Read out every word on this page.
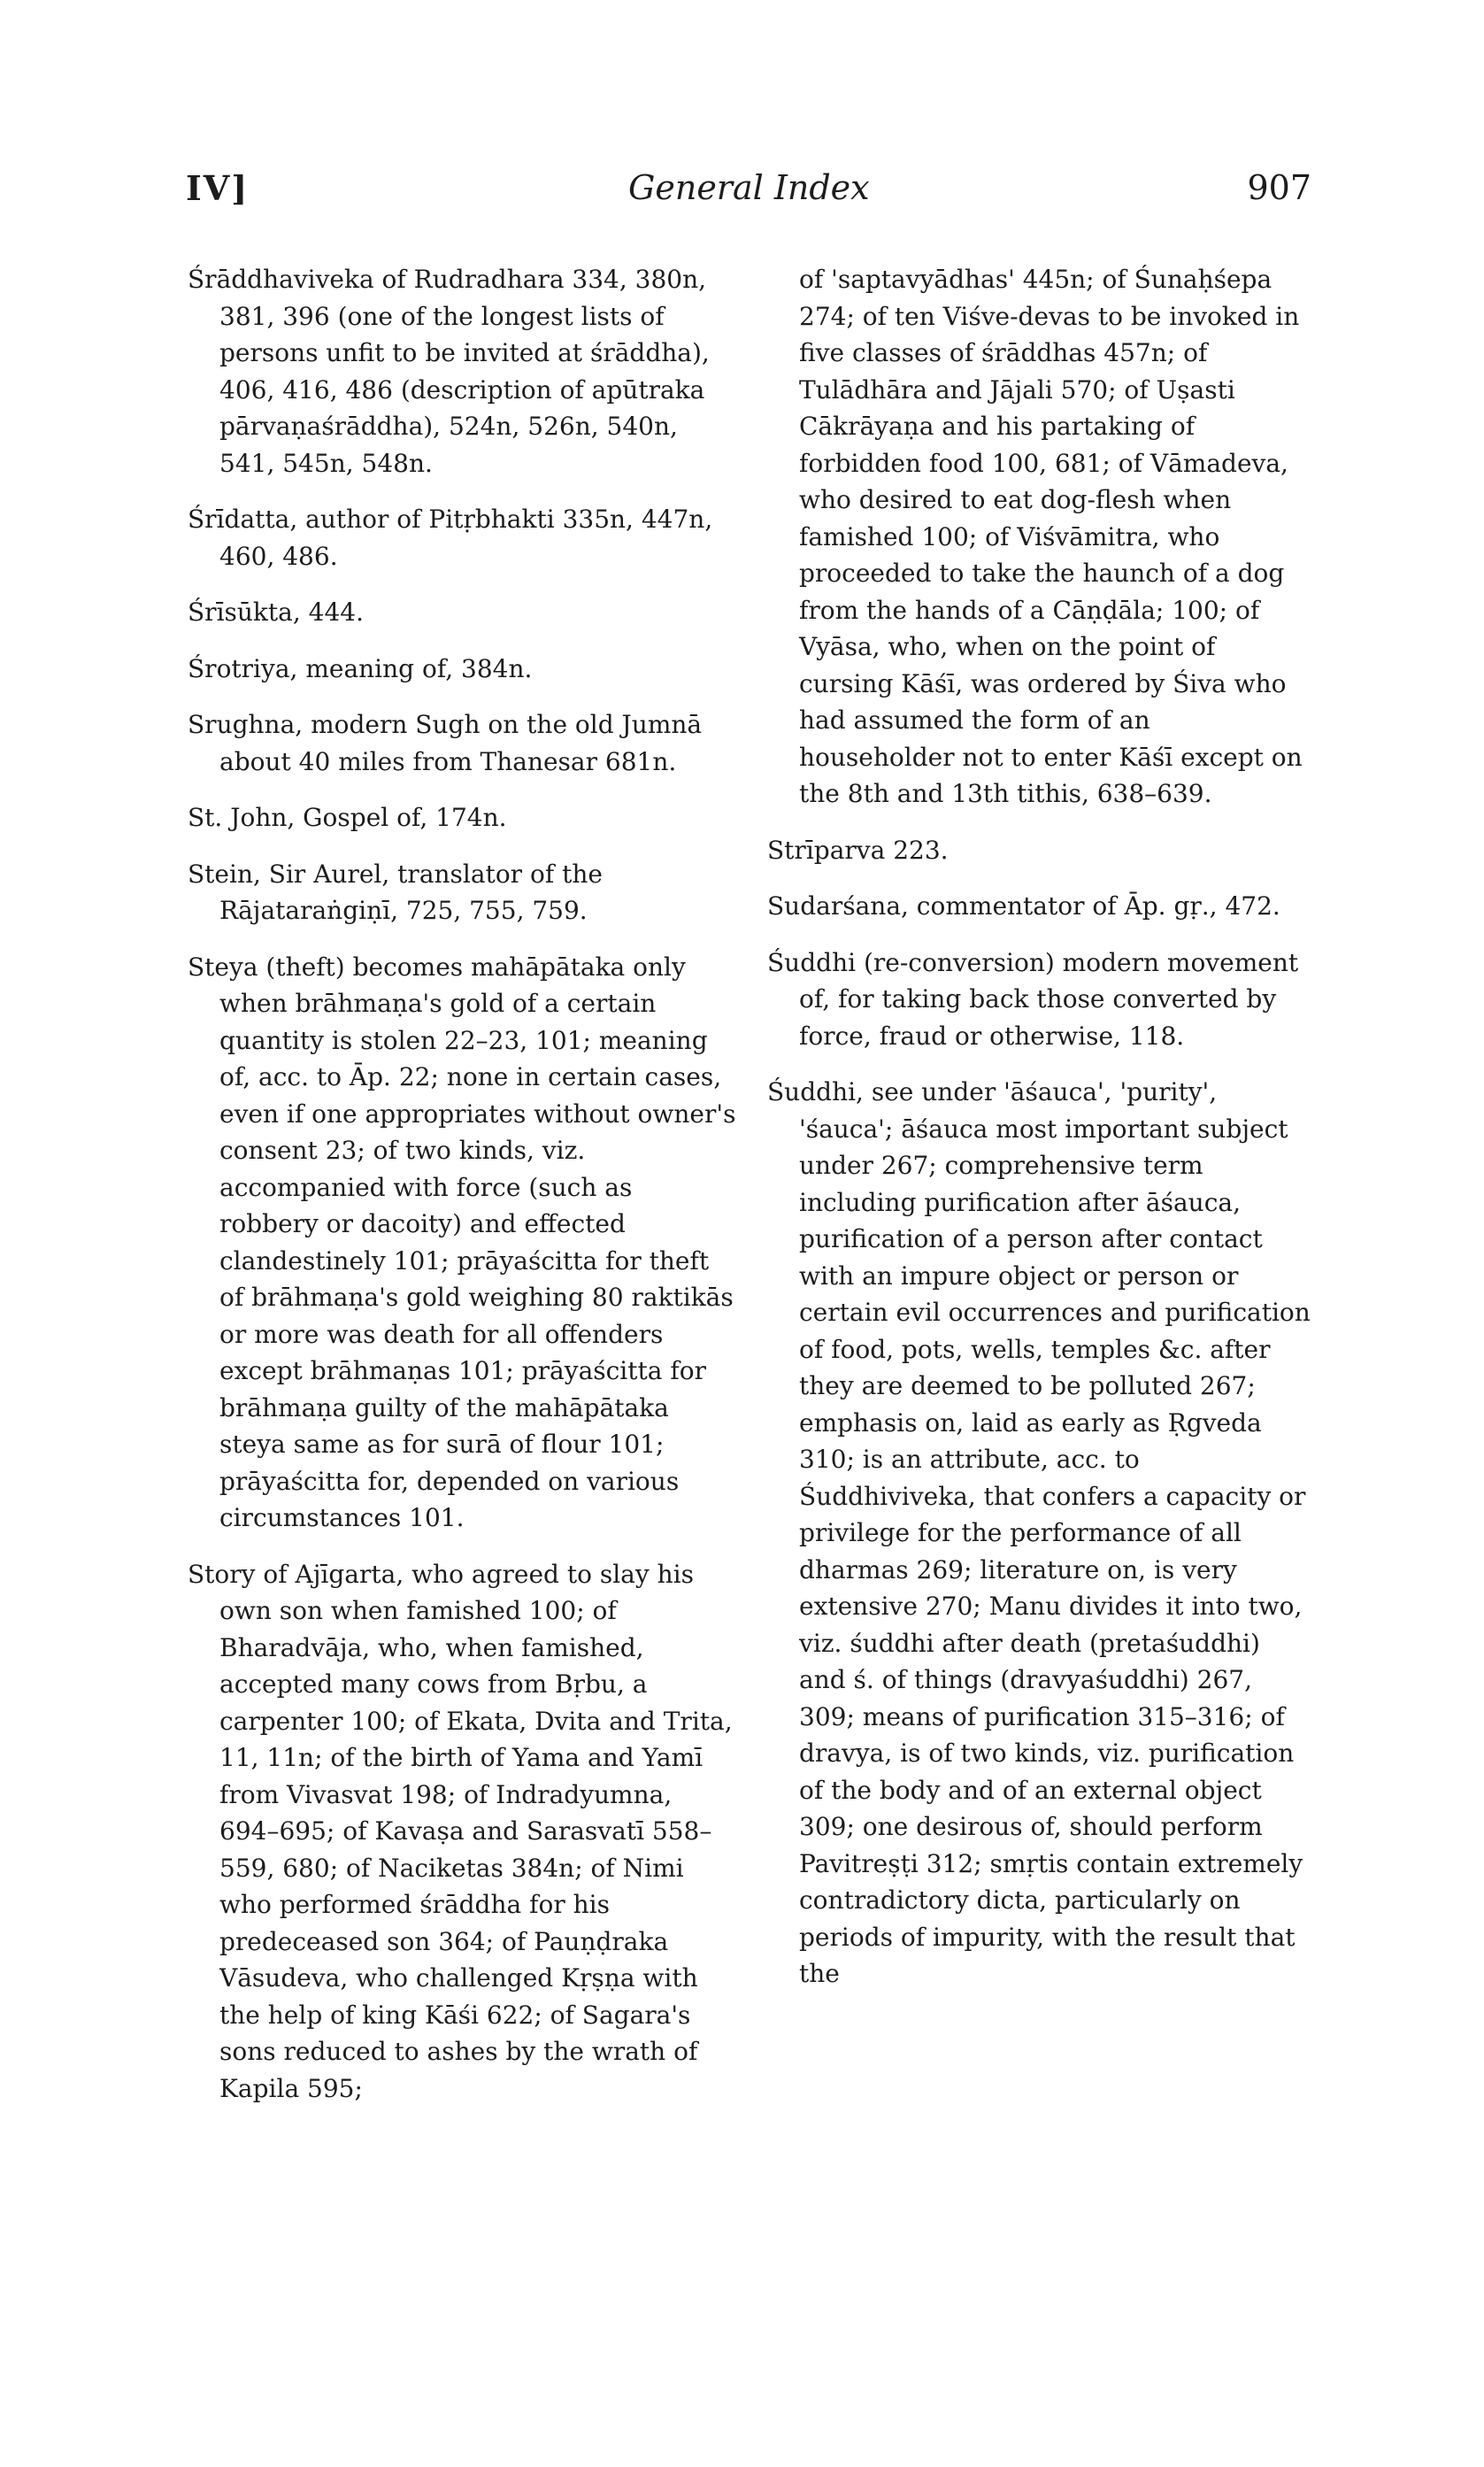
IV]	General Index	907
Śrāddhaviveka of Rudradhara 334, 380n, 381, 396 (one of the longest lists of persons unfit to be invited at śrāddha), 406, 416, 486 (description of apūtraka pārvaṇaśrāddha), 524n, 526n, 540n, 541, 545n, 548n.
Śrīdatta, author of Pitṛbhakti 335n, 447n, 460, 486.
Śrīsūkta, 444.
Śrotriya, meaning of, 384n.
Srughna, modern Sugh on the old Jumnā about 40 miles from Thanesar 681n.
St. John, Gospel of, 174n.
Stein, Sir Aurel, translator of the Rājataraṅgiṇī, 725, 755, 759.
Steya (theft) becomes mahāpātaka only when brāhmaṇa's gold of a certain quantity is stolen 22–23, 101; meaning of, acc. to Āp. 22; none in certain cases, even if one appropriates without owner's consent 23; of two kinds, viz. accompanied with force (such as robbery or dacoity) and effected clandestinely 101; prāyaścitta for theft of brāhmaṇa's gold weighing 80 raktikās or more was death for all offenders except brāhmaṇas 101; prāyaścitta for brāhmaṇa guilty of the mahāpātaka steya same as for surā of flour 101; prāyaścitta for, depended on various circumstances 101.
Story of Ajīgarta, who agreed to slay his own son when famished 100; of Bharadvāja, who, when famished, accepted many cows from Bṛbu, a carpenter 100; of Ekata, Dvita and Trita, 11, 11n; of the birth of Yama and Yamī from Vivasvat 198; of Indradyumna, 694–695; of Kavaṣa and Sarasvatī 558–559, 680; of Naciketas 384n; of Nimi who performed śrāddha for his predeceased son 364; of Pauṇḍraka Vāsudeva, who challenged Kṛṣṇa with the help of king Kāśi 622; of Sagara's sons reduced to ashes by the wrath of Kapila 595;
of 'saptavyādhas' 445n; of Śunaḥśepa 274; of ten Viśve-devas to be invoked in five classes of śrāddhas 457n; of Tulādhāra and Jājali 570; of Uṣasti Cākrāyaṇa and his partaking of forbidden food 100, 681; of Vāmadeva, who desired to eat dog-flesh when famished 100; of Viśvāmitra, who proceeded to take the haunch of a dog from the hands of a Cāṇḍāla; 100; of Vyāsa, who, when on the point of cursing Kāśī, was ordered by Śiva who had assumed the form of an householder not to enter Kāśī except on the 8th and 13th tithis, 638–639.
Strīparva 223.
Sudarśana, commentator of Āp. gṛ., 472.
Śuddhi (re-conversion) modern movement of, for taking back those converted by force, fraud or otherwise, 118.
Śuddhi, see under 'āśauca', 'purity', 'śauca'; āśauca most important subject under 267; comprehensive term including purification after āśauca, purification of a person after contact with an impure object or person or certain evil occurrences and purification of food, pots, wells, temples &c. after they are deemed to be polluted 267; emphasis on, laid as early as Ṛgveda 310; is an attribute, acc. to Śuddhiviveka, that confers a capacity or privilege for the performance of all dharmas 269; literature on, is very extensive 270; Manu divides it into two, viz. śuddhi after death (pretaśuddhi) and ś. of things (dravyaśuddhi) 267, 309; means of purification 315–316; of dravya, is of two kinds, viz. purification of the body and of an external object 309; one desirous of, should perform Pavitreṣṭi 312; smṛtis contain extremely contradictory dicta, particularly on periods of impurity, with the result that the
